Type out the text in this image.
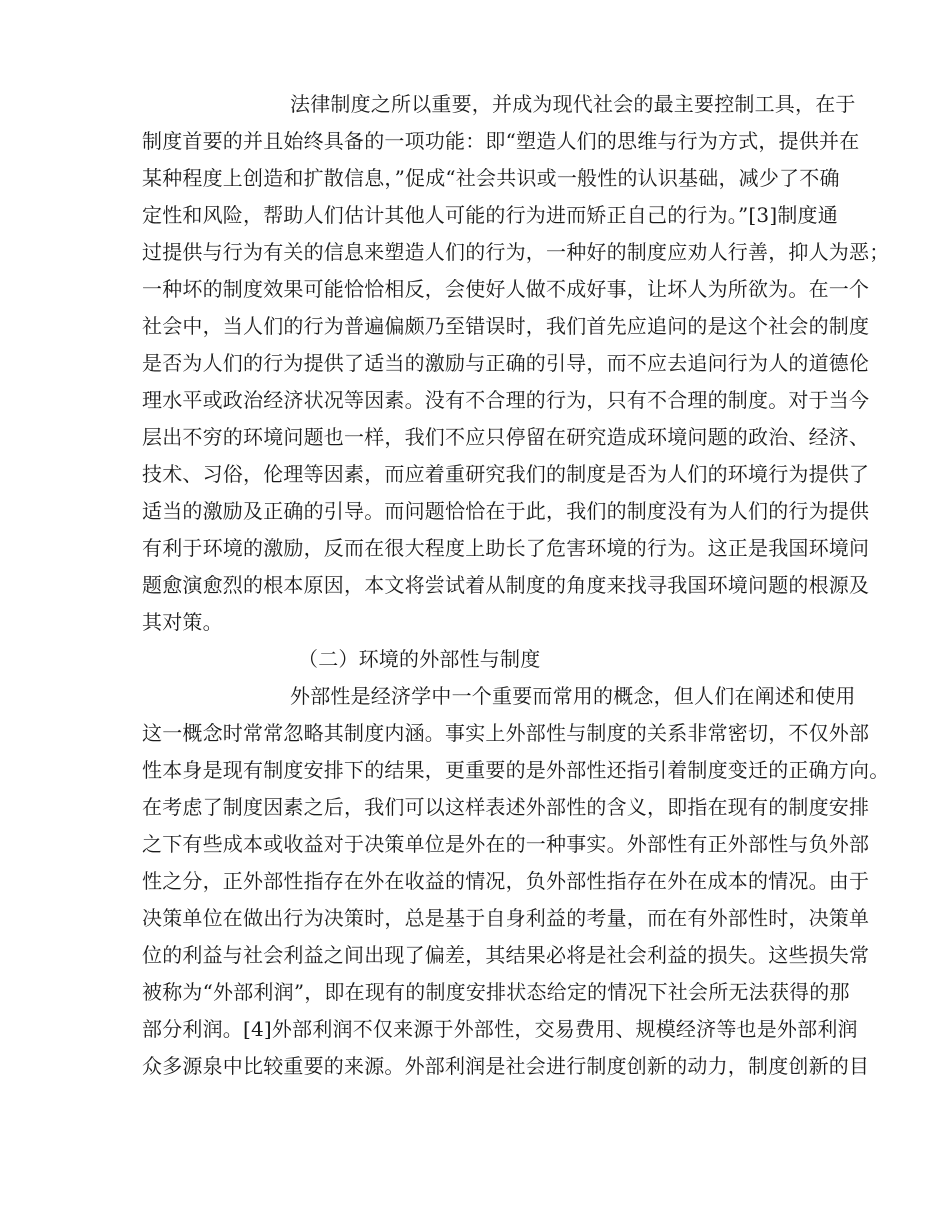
法律制度之所以重要，并成为现代社会的最主要控制工具，在于
制度首要的并且始终具备的一项功能：即“塑造人们的思维与行为方式，提供并在
某种程度上创造和扩散信息，”促成“社会共识或一般性的认识基础，减少了不确
定性和风险，帮助人们估计其他人可能的行为进而矫正自己的行为。”[3]制度通
过提供与行为有关的信息来塑造人们的行为，一种好的制度应劝人行善，抑人为恶；
一种坏的制度效果可能恰恰相反，会使好人做不成好事，让坏人为所欲为。在一个
社会中，当人们的行为普遍偏颇乃至错误时，我们首先应追问的是这个社会的制度
是否为人们的行为提供了适当的激励与正确的引导，而不应去追问行为人的道德伦
理水平或政治经济状况等因素。没有不合理的行为，只有不合理的制度。对于当今
层出不穷的环境问题也一样，我们不应只停留在研究造成环境问题的政治、经济、
技术、习俗，伦理等因素，而应着重研究我们的制度是否为人们的环境行为提供了
适当的激励及正确的引导。而问题恰恰在于此，我们的制度没有为人们的行为提供
有利于环境的激励，反而在很大程度上助长了危害环境的行为。这正是我国环境问
题愈演愈烈的根本原因，本文将尝试着从制度的角度来找寻我国环境问题的根源及
其对策。
（二）环境的外部性与制度
外部性是经济学中一个重要而常用的概念，但人们在阐述和使用
这一概念时常常忽略其制度内涵。事实上外部性与制度的关系非常密切，不仅外部
性本身是现有制度安排下的结果，更重要的是外部性还指引着制度变迁的正确方向。
在考虑了制度因素之后，我们可以这样表述外部性的含义，即指在现有的制度安排
之下有些成本或收益对于决策单位是外在的一种事实。外部性有正外部性与负外部
性之分，正外部性指存在外在收益的情况，负外部性指存在外在成本的情况。由于
决策单位在做出行为决策时，总是基于自身利益的考量，而在有外部性时，决策单
位的利益与社会利益之间出现了偏差，其结果必将是社会利益的损失。这些损失常
被称为“外部利润”，即在现有的制度安排状态给定的情况下社会所无法获得的那
部分利润。[4]外部利润不仅来源于外部性，交易费用、规模经济等也是外部利润
众多源泉中比较重要的来源。外部利润是社会进行制度创新的动力，制度创新的目
